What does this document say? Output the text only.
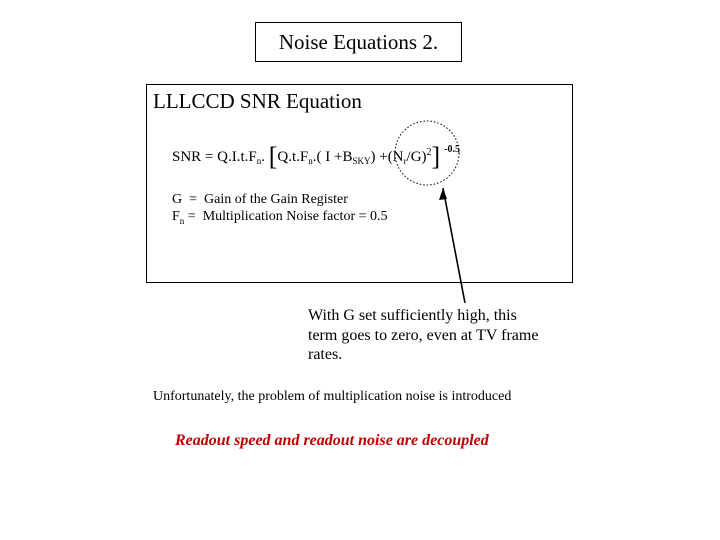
Noise Equations 2.
LLLCCD SNR Equation
SNR = $Q.I.t.F_n$. [$Q.t.F_n$.( $I +B_{SKY}) +(N_r/G)^2$] $^{-0.5}$
G = Gain of the Gain Register
$F_n$ = Multiplication Noise factor = 0.5
With G set sufficiently high, this term goes to zero, even at TV frame rates.
Unfortunately, the problem of multiplication noise is introduced
Readout speed and readout noise are decoupled
